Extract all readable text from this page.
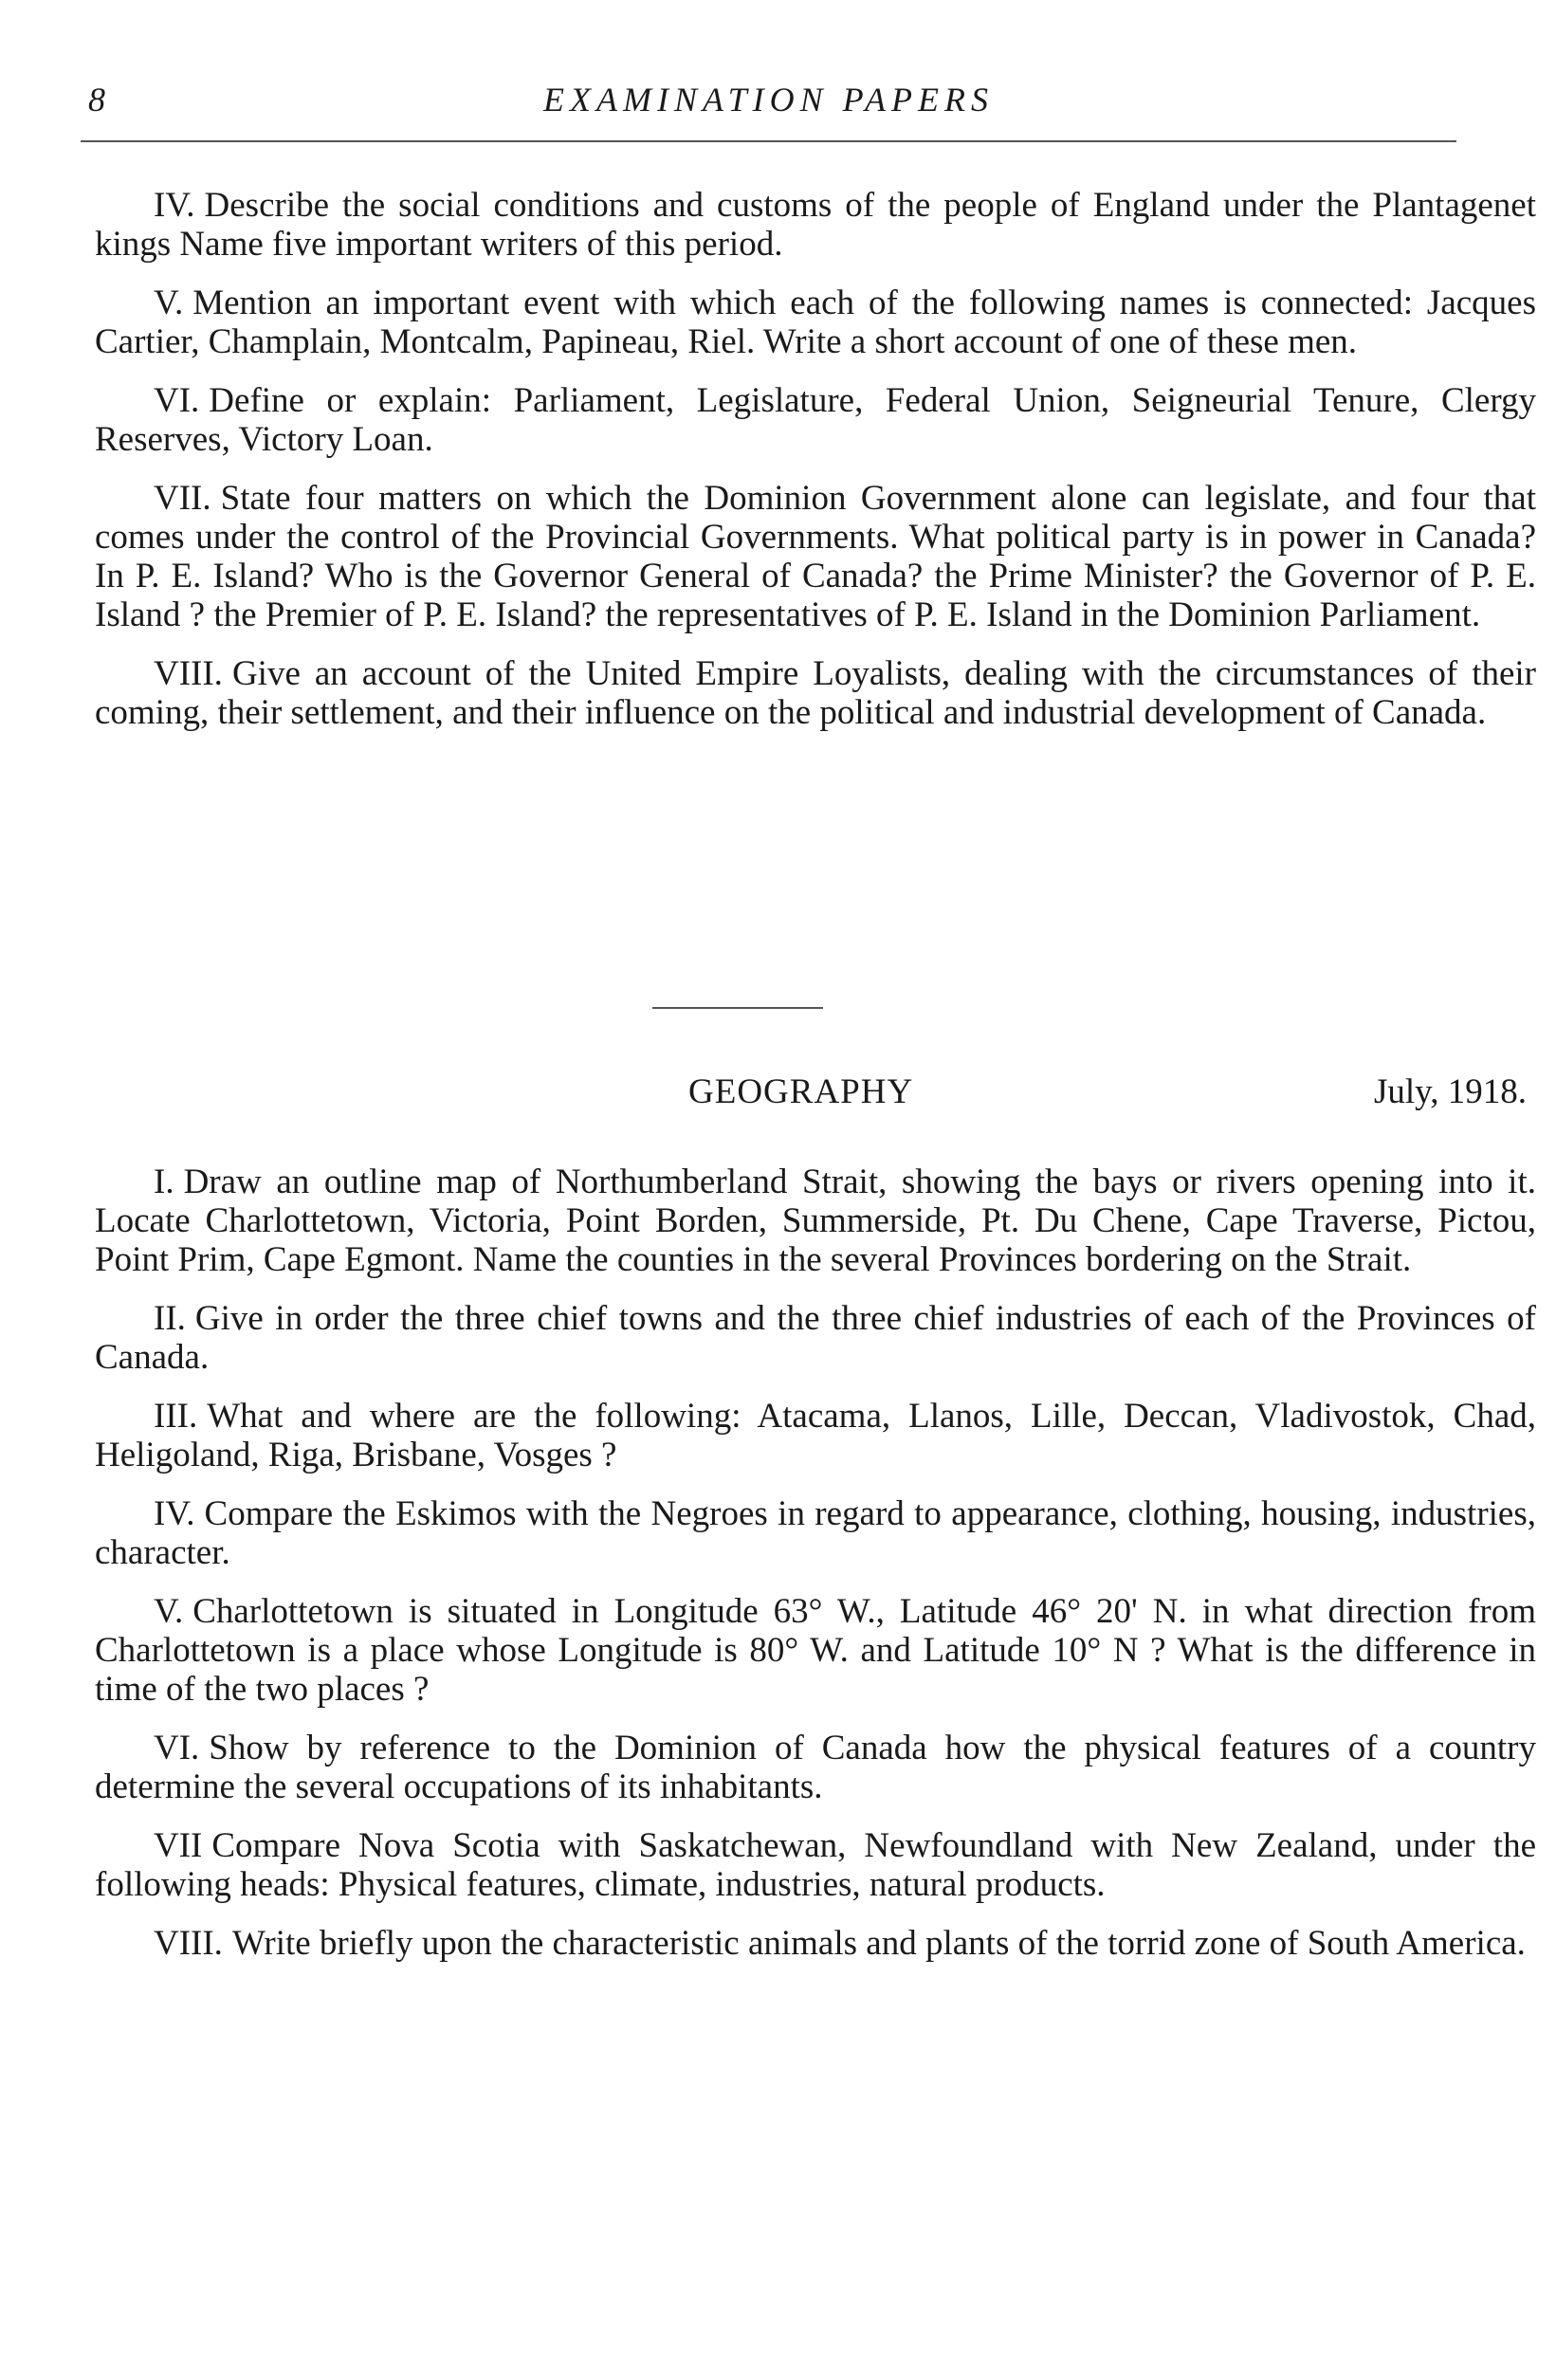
8	EXAMINATION PAPERS

IV. Describe the social conditions and customs of the people of England under the Plantagenet kings Name five important writers of this period.

V. Mention an important event with which each of the following names is connected: Jacques Cartier, Champlain, Montcalm, Papineau, Riel. Write a short account of one of these men.

VI. Define or explain: Parliament, Legislature, Federal Union, Seigneurial Tenure, Clergy Reserves, Victory Loan.

VII. State four matters on which the Dominion Government alone can legislate, and four that comes under the control of the Provincial Governments. What political party is in power in Canada? In P. E. Island? Who is the Governor General of Canada? the Prime Minister? the Governor of P. E. Island ? the Premier of P. E. Island? the representatives of P. E. Island in the Dominion Parliament.

VIII. Give an account of the United Empire Loyalists, dealing with the circumstances of their coming, their settlement, and their influence on the political and industrial development of Canada.

GEOGRAPHY	July, 1918.

I. Draw an outline map of Northumberland Strait, showing the bays or rivers opening into it. Locate Charlottetown, Victoria, Point Borden, Summerside, Pt. Du Chene, Cape Traverse, Pictou, Point Prim, Cape Egmont. Name the counties in the several Provinces bordering on the Strait.

II. Give in order the three chief towns and the three chief industries of each of the Provinces of Canada.

III. What and where are the following: Atacama, Llanos, Lille, Deccan, Vladivostok, Chad, Heligoland, Riga, Brisbane, Vosges ?

IV. Compare the Eskimos with the Negroes in regard to appearance, clothing, housing, industries, character.

V. Charlottetown is situated in Longitude 63° W., Latitude 46° 20' N. in what direction from Charlottetown is a place whose Longitude is 80° W. and Latitude 10° N ? What is the difference in time of the two places ?

VI. Show by reference to the Dominion of Canada how the physical features of a country determine the several occupations of its inhabitants.

VII Compare Nova Scotia with Saskatchewan, Newfoundland with New Zealand, under the following heads: Physical features, climate, industries, natural products.

VIII. Write briefly upon the characteristic animals and plants of the torrid zone of South America.
